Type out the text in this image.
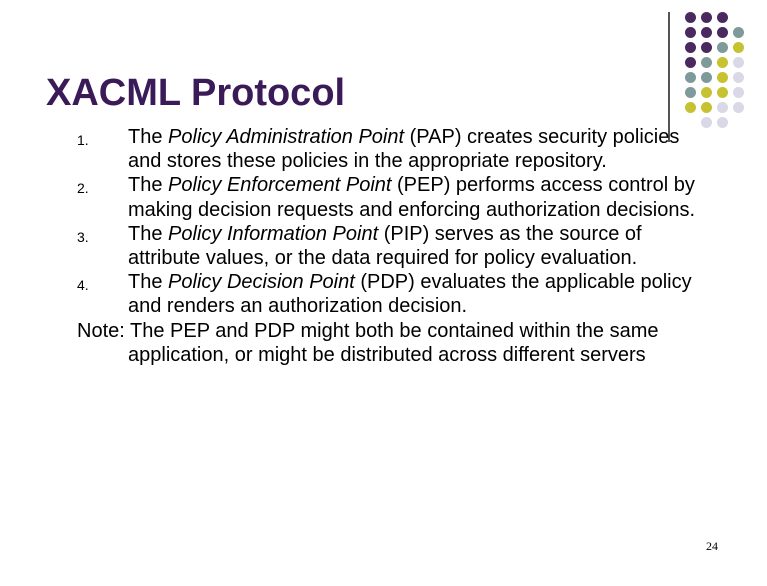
XACML Protocol
1. The Policy Administration Point (PAP) creates security policies and stores these policies in the appropriate repository.
2. The Policy Enforcement Point (PEP) performs access control by making decision requests and enforcing authorization decisions.
3. The Policy Information Point (PIP) serves as the source of attribute values, or the data required for policy evaluation.
4. The Policy Decision Point (PDP) evaluates the applicable policy and renders an authorization decision.
Note: The PEP and PDP might both be contained within the same application, or might be distributed across different servers
24
